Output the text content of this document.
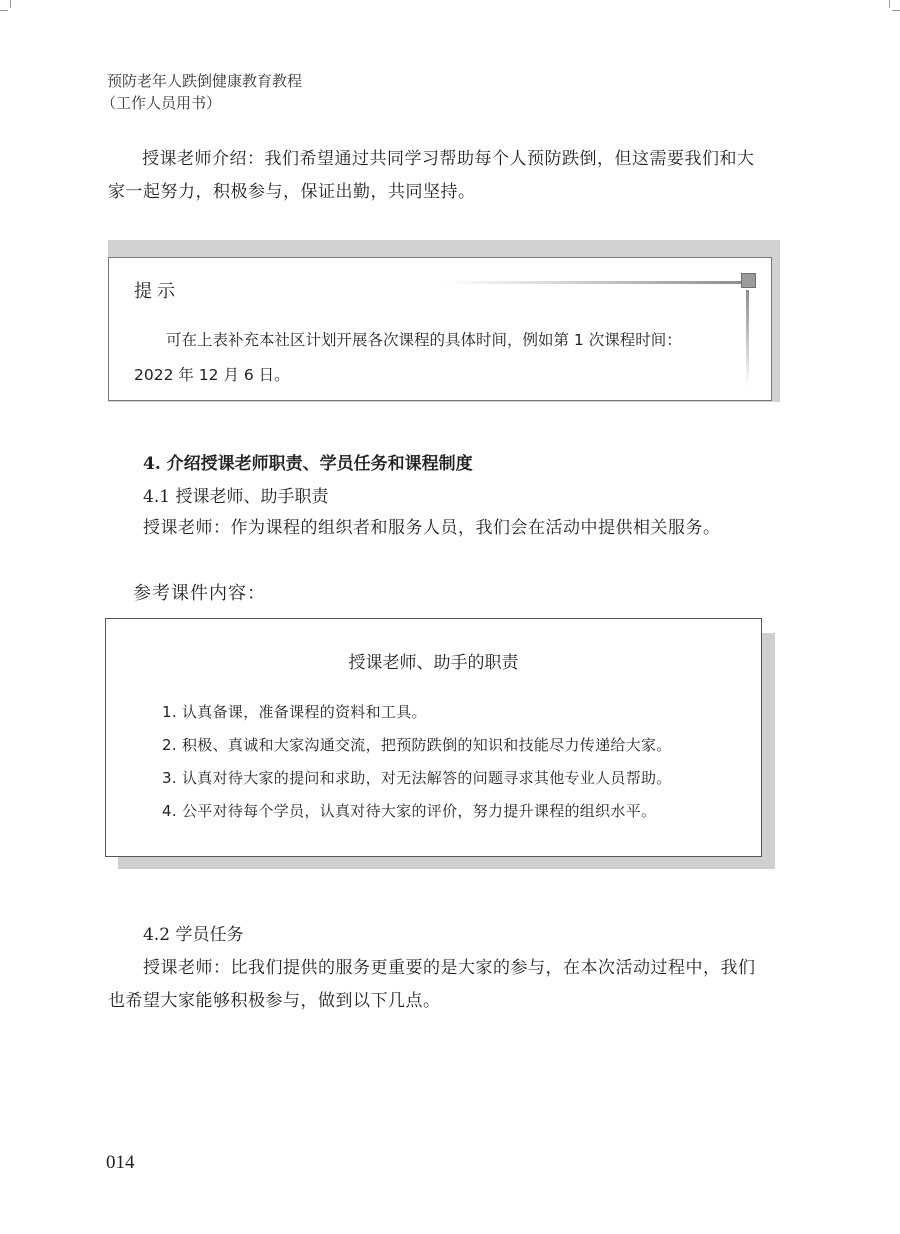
预防老年人跌倒健康教育教程
（工作人员用书）
授课老师介绍：我们希望通过共同学习帮助每个人预防跌倒，但这需要我们和大
家一起努力，积极参与，保证出勤，共同坚持。
提示
可在上表补充本社区计划开展各次课程的具体时间，例如第 1 次课程时间：
2022 年 12 月 6 日。
4. 介绍授课老师职责、学员任务和课程制度
4.1 授课老师、助手职责
授课老师：作为课程的组织者和服务人员，我们会在活动中提供相关服务。
参考课件内容：
授课老师、助手的职责
1. 认真备课，准备课程的资料和工具。
2. 积极、真诚和大家沟通交流，把预防跌倒的知识和技能尽力传递给大家。
3. 认真对待大家的提问和求助，对无法解答的问题寻求其他专业人员帮助。
4. 公平对待每个学员，认真对待大家的评价，努力提升课程的组织水平。
4.2 学员任务
授课老师：比我们提供的服务更重要的是大家的参与，在本次活动过程中，我们
也希望大家能够积极参与，做到以下几点。
014
